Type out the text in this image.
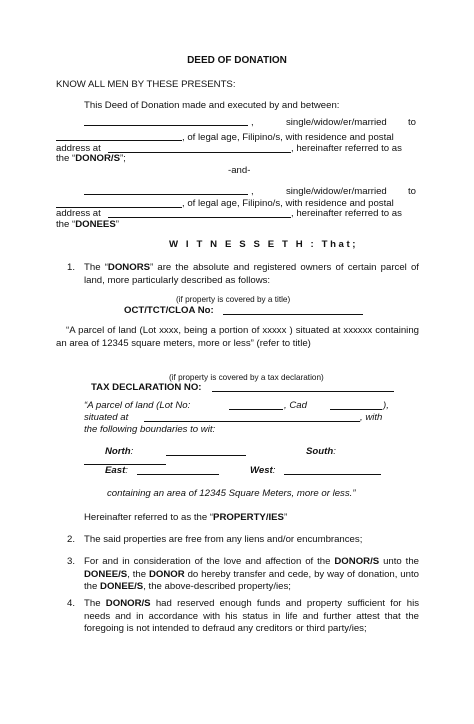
DEED OF DONATION
KNOW ALL MEN BY THESE PRESENTS:
This Deed of Donation made and executed by and between:
,	single/widow/er/married to
, of legal age, Filipino/s, with residence and postal
address at	, hereinafter referred to as
the “DONOR/S”;
-and-
,	single/widow/er/married to
, of legal age, Filipino/s, with residence and postal
address at	, hereinafter referred to as
the “DONEES”
W I T N E S S E T H : That;
1. The “DONORS” are the absolute and registered owners of certain parcel of land, more particularly described as follows:
(if property is covered by a title)
OCT/TCT/CLOA No:
“A parcel of land (Lot xxxx, being a portion of xxxxx ) situated at xxxxxx containing an area of 12345 square meters, more or less” (refer to title)
(if property is covered by a tax declaration)
TAX DECLARATION NO:
“A parcel of land (Lot No:	, Cad	),
situated at	, with
the following boundaries to wit:
North:	South:
East:	West:
containing an area of 12345 Square Meters, more or less.”
Hereinafter referred to as the “PROPERTY/IES”
2. The said properties are free from any liens and/or encumbrances;
3. For and in consideration of the love and affection of the DONOR/S unto the DONEE/S, the DONOR do hereby transfer and cede, by way of donation, unto the DONEE/S, the above-described property/ies;
4. The DONOR/S had reserved enough funds and property sufficient for his needs and in accordance with his status in life and further attest that the foregoing is not intended to defraud any creditors or third party/ies;
